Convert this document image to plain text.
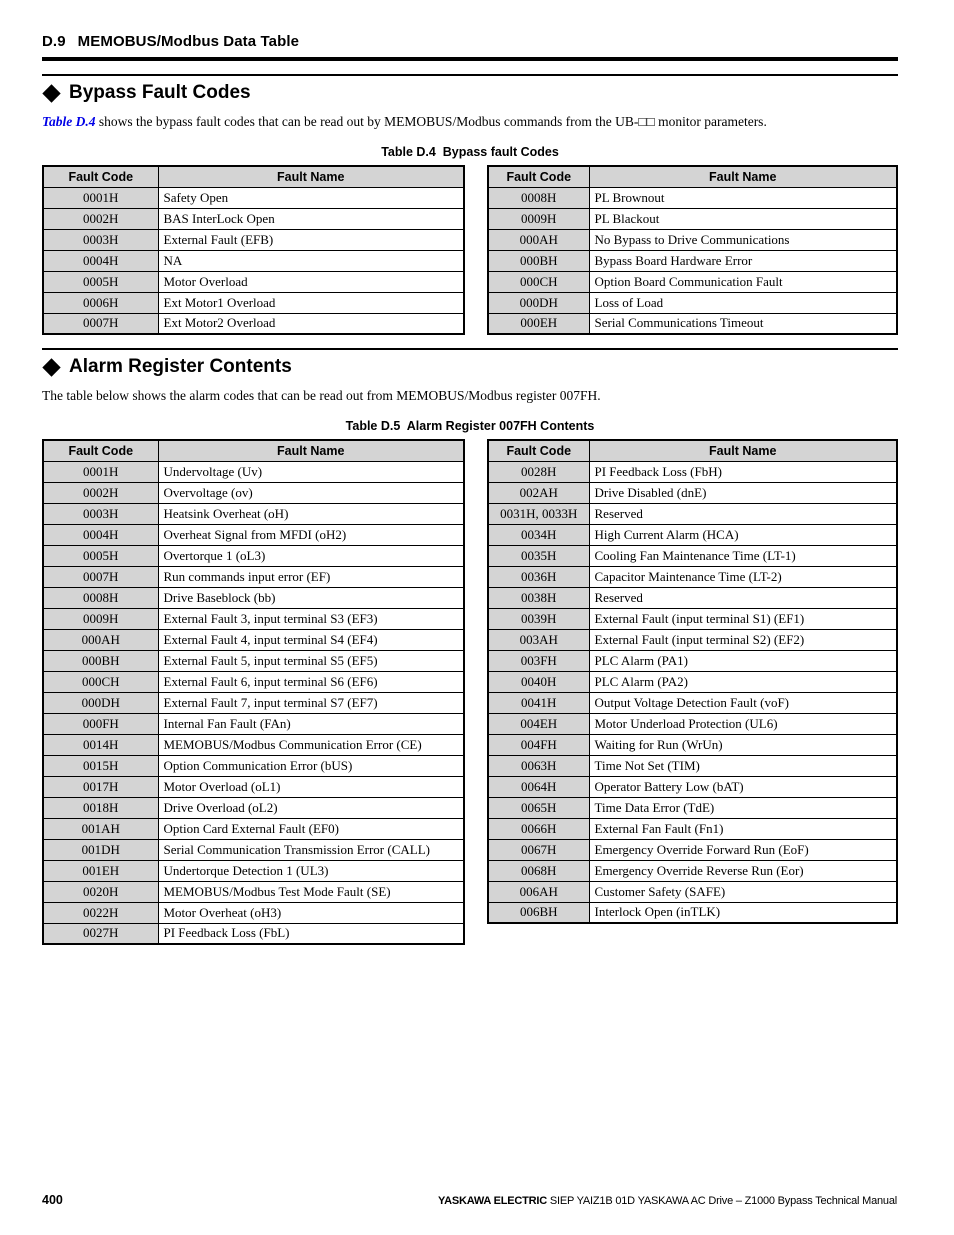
D.9 MEMOBUS/Modbus Data Table
Bypass Fault Codes

Table D.4 shows the bypass fault codes that can be read out by MEMOBUS/Modbus commands from the UB-□□ monitor parameters.

Table D.4  Bypass fault Codes
Fault Code	Fault Name
0001H	Safety Open
0002H	BAS InterLock Open
0003H	External Fault (EFB)
0004H	NA
0005H	Motor Overload
0006H	Ext Motor1 Overload
0007H	Ext Motor2 Overload
Fault Code	Fault Name
0008H	PL Brownout
0009H	PL Blackout
000AH	No Bypass to Drive Communications
000BH	Bypass Board Hardware Error
000CH	Option Board Communication Fault
000DH	Loss of Load
000EH	Serial Communications Timeout
Alarm Register Contents

The table below shows the alarm codes that can be read out from MEMOBUS/Modbus register 007FH.

Table D.5  Alarm Register 007FH Contents
Fault Code	Fault Name
0001H	Undervoltage (Uv)
0002H	Overvoltage (ov)
0003H	Heatsink Overheat (oH)
0004H	Overheat Signal from MFDI (oH2)
0005H	Overtorque 1 (oL3)
0007H	Run commands input error (EF)
0008H	Drive Baseblock (bb)
0009H	External Fault 3, input terminal S3 (EF3)
000AH	External Fault 4, input terminal S4 (EF4)
000BH	External Fault 5, input terminal S5 (EF5)
000CH	External Fault 6, input terminal S6 (EF6)
000DH	External Fault 7, input terminal S7 (EF7)
000FH	Internal Fan Fault (FAn)
0014H	MEMOBUS/Modbus Communication Error (CE)
0015H	Option Communication Error (bUS)
0017H	Motor Overload (oL1)
0018H	Drive Overload (oL2)
001AH	Option Card External Fault (EF0)
001DH	Serial Communication Transmission Error (CALL)
001EH	Undertorque Detection 1 (UL3)
0020H	MEMOBUS/Modbus Test Mode Fault (SE)
0022H	Motor Overheat (oH3)
0027H	PI Feedback Loss (FbL)
Fault Code	Fault Name
0028H	PI Feedback Loss (FbH)
002AH	Drive Disabled (dnE)
0031H, 0033H	Reserved
0034H	High Current Alarm (HCA)
0035H	Cooling Fan Maintenance Time (LT-1)
0036H	Capacitor Maintenance Time (LT-2)
0038H	Reserved
0039H	External Fault (input terminal S1) (EF1)
003AH	External Fault (input terminal S2) (EF2)
003FH	PLC Alarm (PA1)
0040H	PLC Alarm (PA2)
0041H	Output Voltage Detection Fault (voF)
004EH	Motor Underload Protection (UL6)
004FH	Waiting for Run (WrUn)
0063H	Time Not Set (TIM)
0064H	Operator Battery Low (bAT)
0065H	Time Data Error (TdE)
0066H	External Fan Fault (Fn1)
0067H	Emergency Override Forward Run (EoF)
0068H	Emergency Override Reverse Run (Eor)
006AH	Customer Safety (SAFE)
006BH	Interlock Open (inTLK)
400	YASKAWA ELECTRIC SIEP YAIZ1B 01D YASKAWA AC Drive – Z1000 Bypass Technical Manual
